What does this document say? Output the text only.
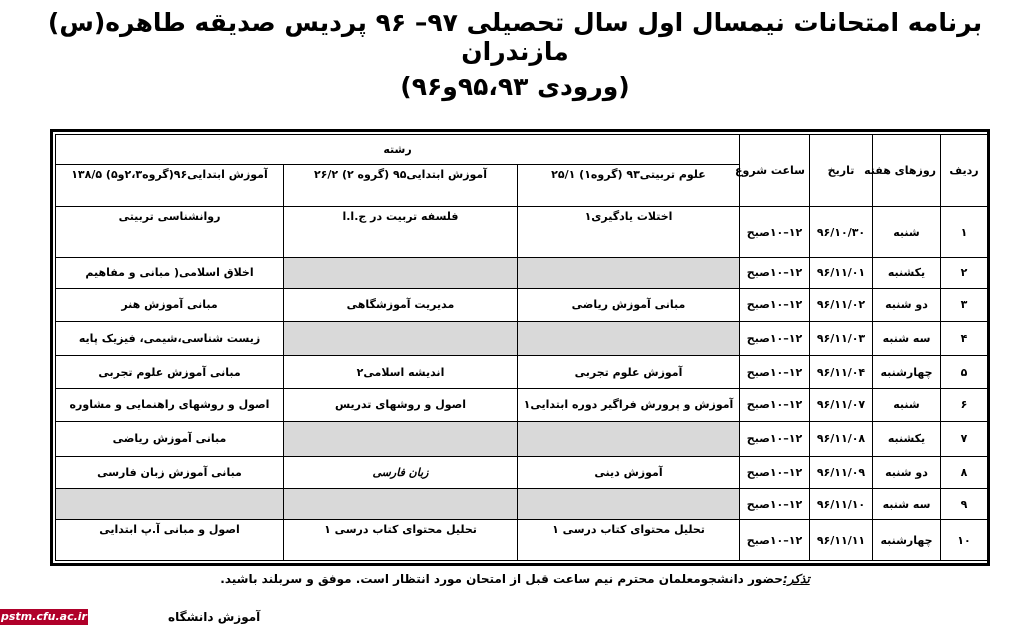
برنامه امتحانات نیمسال اول سال تحصیلی ۹۷– ۹۶ پردیس صدیقه طاهره(س) مازندران
(ورودی ۹۵،۹۳و۹۶)
ردیف	روزهای هفته	تاریخ	ساعت شروع	رشته		
				علوم تربیتی۹۳ (گروه۱) ۲۵/۱	آموزش ابتدایی۹۵ (گروه ۲) ۲۶/۲	آموزش ابتدایی۹۶(گروه۲،۳و۵) ۱۳۸/۵
۱	شنبه	۹۶/۱۰/۳۰	۱۲–۱۰صبح	اختلات یادگیری۱	فلسفه تربیت در ج.ا.ا	روانشناسی تربیتی
۲	یکشنبه	۹۶/۱۱/۰۱	۱۲–۱۰صبح			اخلاق اسلامی( مبانی و مفاهیم
۳	دو شنبه	۹۶/۱۱/۰۲	۱۲–۱۰صبح	مبانی آموزش ریاضی	مدیریت آموزشگاهی	مبانی آموزش هنر
۴	سه شنبه	۹۶/۱۱/۰۳	۱۲–۱۰صبح			زیست شناسی،شیمی، فیزیک پایه
۵	چهارشنبه	۹۶/۱۱/۰۴	۱۲–۱۰صبح	آموزش علوم تجربی	اندیشه اسلامی۲	مبانی آموزش علوم تجربی
۶	شنبه	۹۶/۱۱/۰۷	۱۲–۱۰صبح	آموزش و پرورش فراگیر دوره ابتدایی۱	اصول و روشهای تدریس	اصول و روشهای راهنمایی و مشاوره
۷	یکشنبه	۹۶/۱۱/۰۸	۱۲–۱۰صبح			مبانی آموزش ریاضی
۸	دو شنبه	۹۶/۱۱/۰۹	۱۲–۱۰صبح	آموزش دینی	زبان فارسی	مبانی آموزش زبان فارسی
۹	سه شنبه	۹۶/۱۱/۱۰	۱۲–۱۰صبح			
۱۰	چهارشنبه	۹۶/۱۱/۱۱	۱۲–۱۰صبح	تحلیل محتوای کتاب درسی ۱	تحلیل محتوای کتاب درسی ۱	اصول و مبانی آ.پ ابتدایی
تذکر:حضور دانشجومعلمان محترم نیم ساعت قبل از امتحان مورد انتظار است. موفق و سربلند باشید.
آموزش دانشگاه
pstm.cfu.ac.ir
